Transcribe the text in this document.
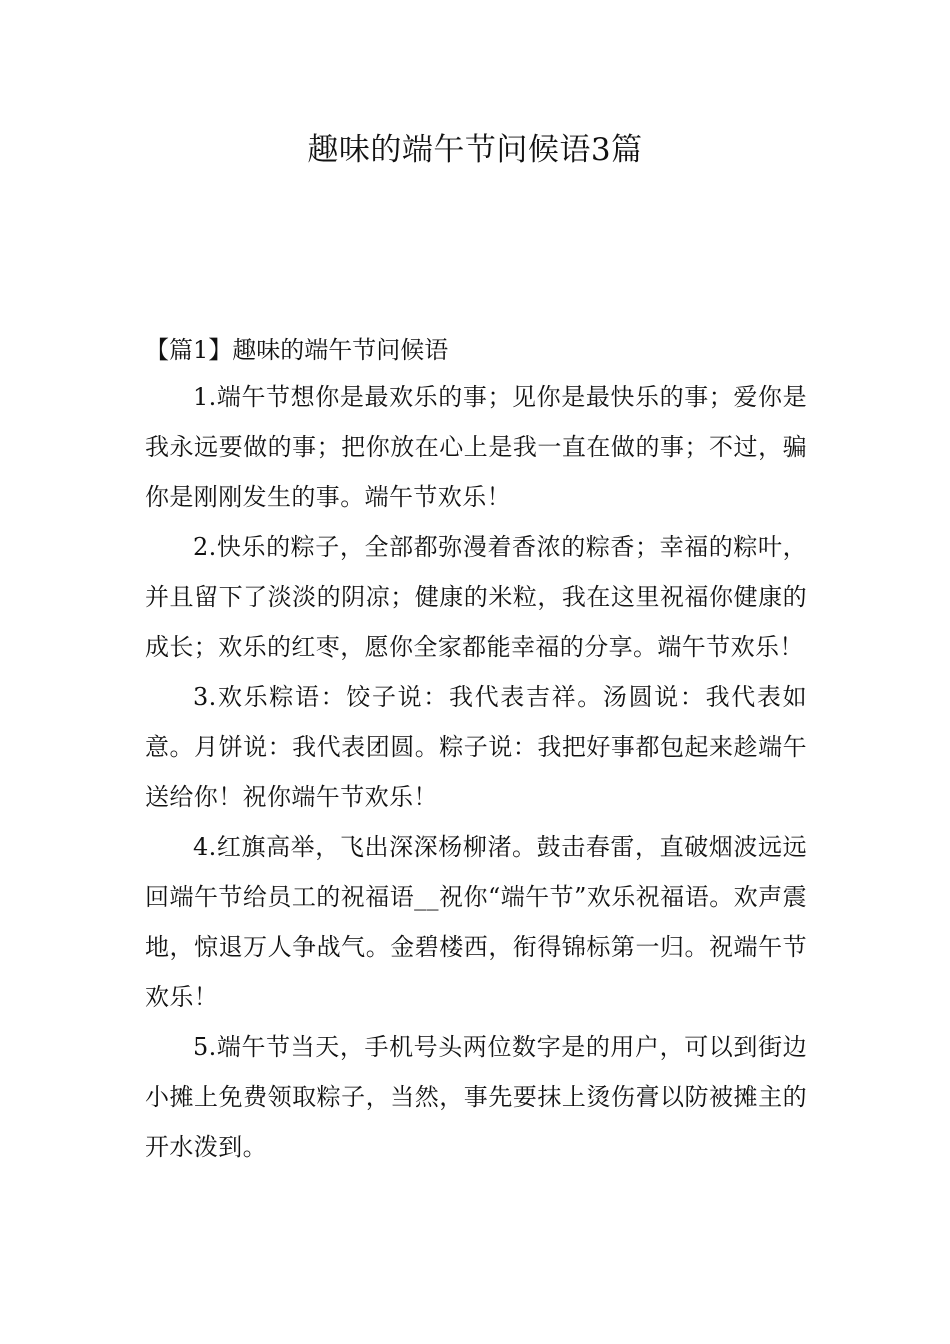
趣味的端午节问候语3篇
【篇1】趣味的端午节问候语

1.端午节想你是最欢乐的事；见你是最快乐的事；爱你是我永远要做的事；把你放在心上是我一直在做的事；不过，骗你是刚刚发生的事。端午节欢乐！

2.快乐的粽子，全部都弥漫着香浓的粽香；幸福的粽叶，并且留下了淡淡的阴凉；健康的米粒，我在这里祝福你健康的成长；欢乐的红枣，愿你全家都能幸福的分享。端午节欢乐！

3.欢乐粽语：饺子说：我代表吉祥。汤圆说：我代表如意。月饼说：我代表团圆。粽子说：我把好事都包起来趁端午送给你！祝你端午节欢乐！

4.红旗高举，飞出深深杨柳渚。鼓击春雷，直破烟波远远回端午节给员工的祝福语__祝你“端午节”欢乐祝福语。欢声震地，惊退万人争战气。金碧楼西，衔得锦标第一归。祝端午节欢乐！

5.端午节当天，手机号头两位数字是的用户，可以到街边小摊上免费领取粽子，当然，事先要抹上烫伤膏以防被摊主的开水泼到。
